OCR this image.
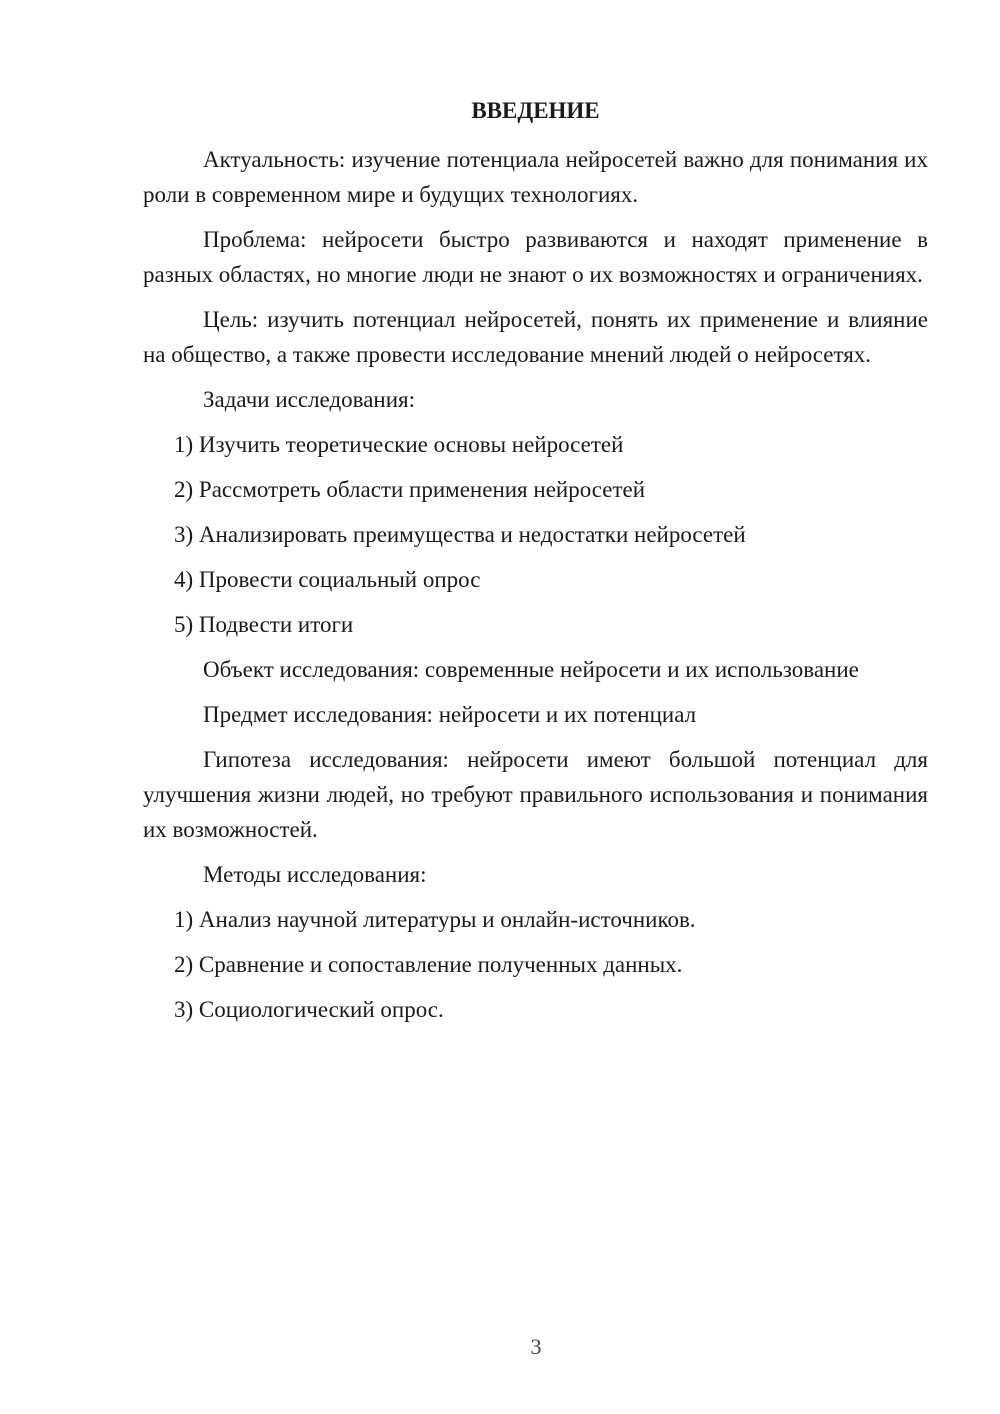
ВВЕДЕНИЕ

Актуальность: изучение потенциала нейросетей важно для понимания их роли в современном мире и будущих технологиях.

Проблема: нейросети быстро развиваются и находят применение в разных областях, но многие люди не знают о их возможностях и ограничениях.

Цель: изучить потенциал нейросетей, понять их применение и влияние на общество, а также провести исследование мнений людей о нейросетях.

Задачи исследования:
1) Изучить теоретические основы нейросетей
2) Рассмотреть области применения нейросетей
3) Анализировать преимущества и недостатки нейросетей
4) Провести социальный опрос
5) Подвести итоги
Объект исследования: современные нейросети и их использование
Предмет исследования: нейросети и их потенциал

Гипотеза исследования: нейросети имеют большой потенциал для улучшения жизни людей, но требуют правильного использования и понимания их возможностей.

Методы исследования:
1) Анализ научной литературы и онлайн-источников.
2) Сравнение и сопоставление полученных данных.
3) Социологический опрос.
3
